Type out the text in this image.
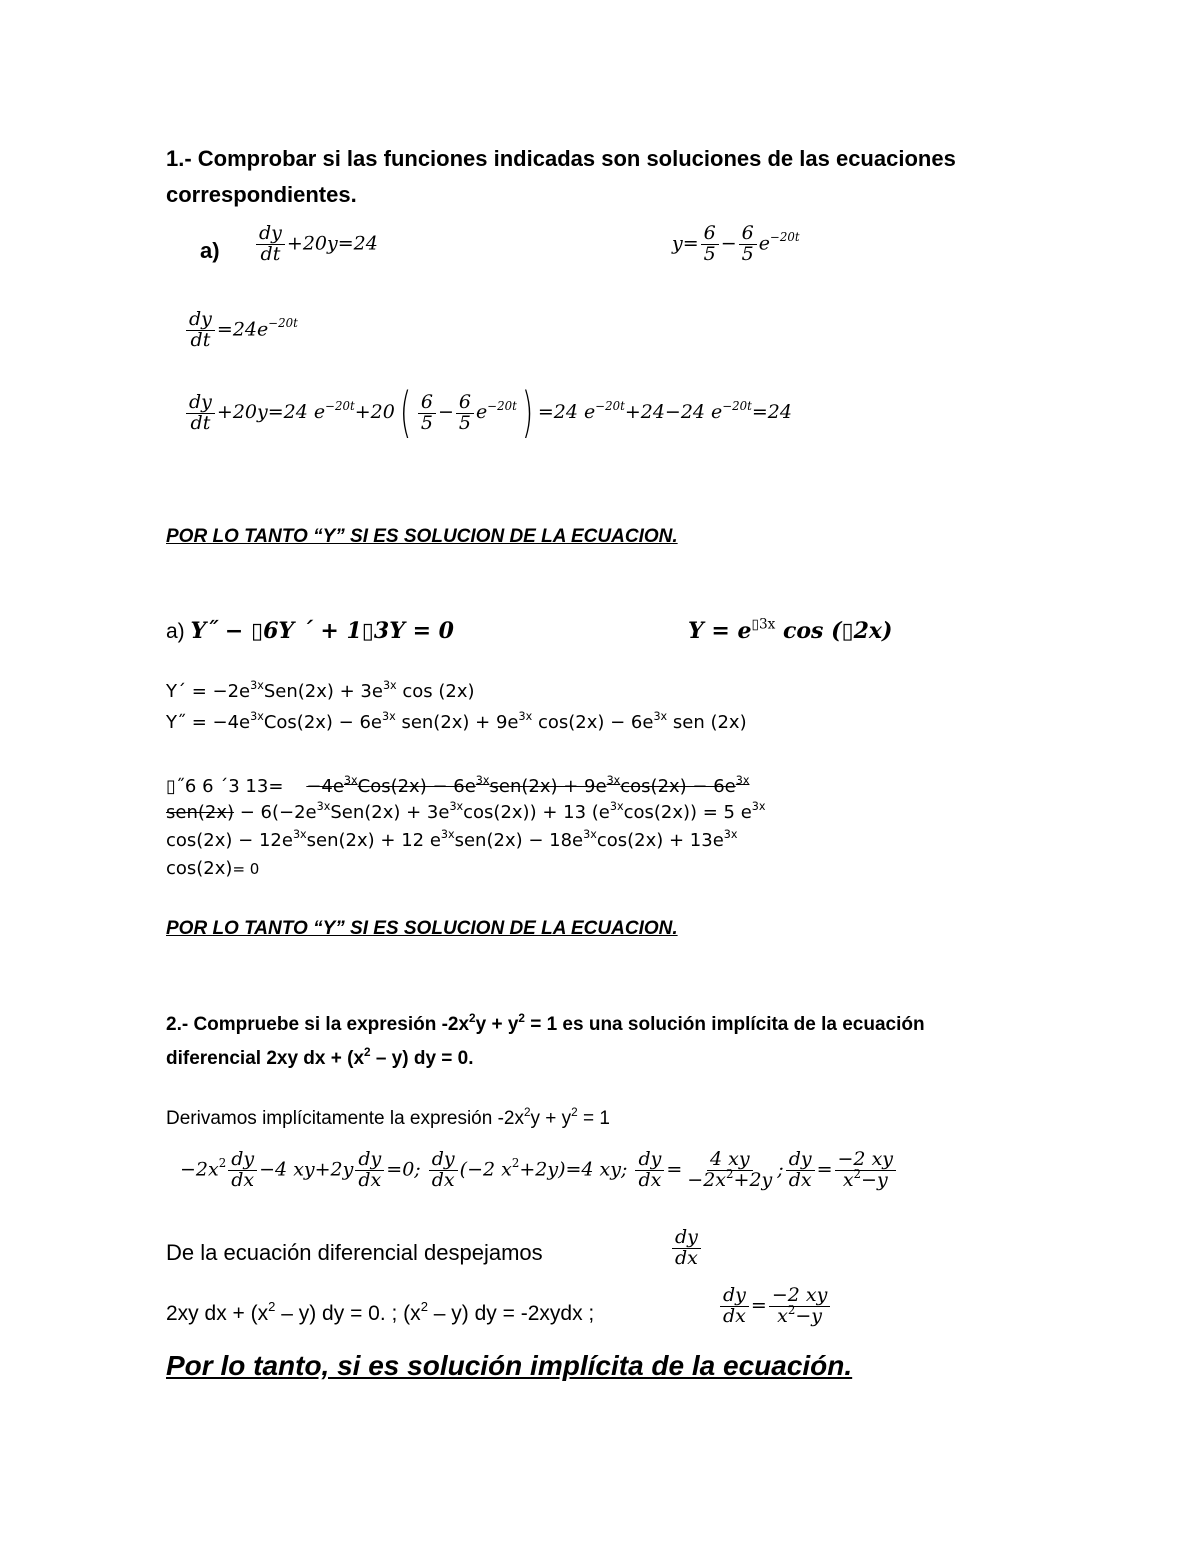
1.- Comprobar si las funciones indicadas son soluciones de las ecuaciones
correspondientes.
$a) \frac{dy}{dt} +20y=24$	$y= \frac{6}{5} - \frac{6}{5} e^{-20t}$
$\frac{dy}{dt} =24e^{-20t}$
$\frac{dy}{dt} +20y=24$ $e^{-20t}+20( \frac{6}{5} - \frac{6}{5} e^{-20t}) =24$ $e^{-20t}+24-24$ $e^{-20t}=24$
POR LO TANTO “Y” SI ES SOLUCION DE LA ECUACION.
a) Y˝ − ▯6Y ´ + 1▯3Y = 0	$Y = e^{▯3x}$ cos (▯2x)
Y´ = $-2e^{3x}Sen(2x) + 3e^{3x}$ cos (2x)
Y˝ = $-4e^{3x}Cos(2x) - 6e^{3x}$ $sen(2x) + 9e^{3x}$ $\cos(2x) - 6e^{3x}$ sen (2x)
▯˝6 6 ´3 $13= -4e^{3x}Cos(2x) - 6e^{3x}sen(2x) + 9e^{3x}\cos(2x) - 6e^{3x}$
$sen(2x) - 6(-2e^{3x}Sen(2x) + 3e^{3x}\cos(2x)) + 13$ $(e^{3x}\cos(2x)) = 5$ $e^{3x}$
$\cos(2x) - 12e^{3x}sen(2x) + 12$ $e^{3x}sen(2x) - 18e^{3x}\cos(2x) + 13e^{3x}$
cos(2x)= 0
POR LO TANTO “Y” SI ES SOLUCION DE LA ECUACION.
2.- Compruebe si la expresión $-2x^2y + y^2 = 1$ es una solución implícita de la ecuación
diferencial 2xy dx + $(x^2 - y)$ dy = 0.
Derivamos implícitamente la expresión $-2x^2y + y^2 = 1$
$-2x^2 \frac{dy}{dx} -4$ $xy+2y \frac{dy}{dx} =0$; $\frac{dy}{dx} (-2$ $x^2+2y)=4$ xy; $\frac{dy}{dx} = \frac{4 xy}{-2x^2+2y}$ ; $\frac{dy}{dx} = \frac{-2 xy}{x^2-y}$
De la ecuación diferencial despejamos	$\frac{dy}{dx}$
2xy dx + $(x^2 - y)$ dy = 0. ; $(x^2 - y)$ dy = -2xydx ;	$\frac{dy}{dx} = \frac{-2 xy}{x^2-y}$
Por lo tanto, si es solución implícita de la ecuación.
